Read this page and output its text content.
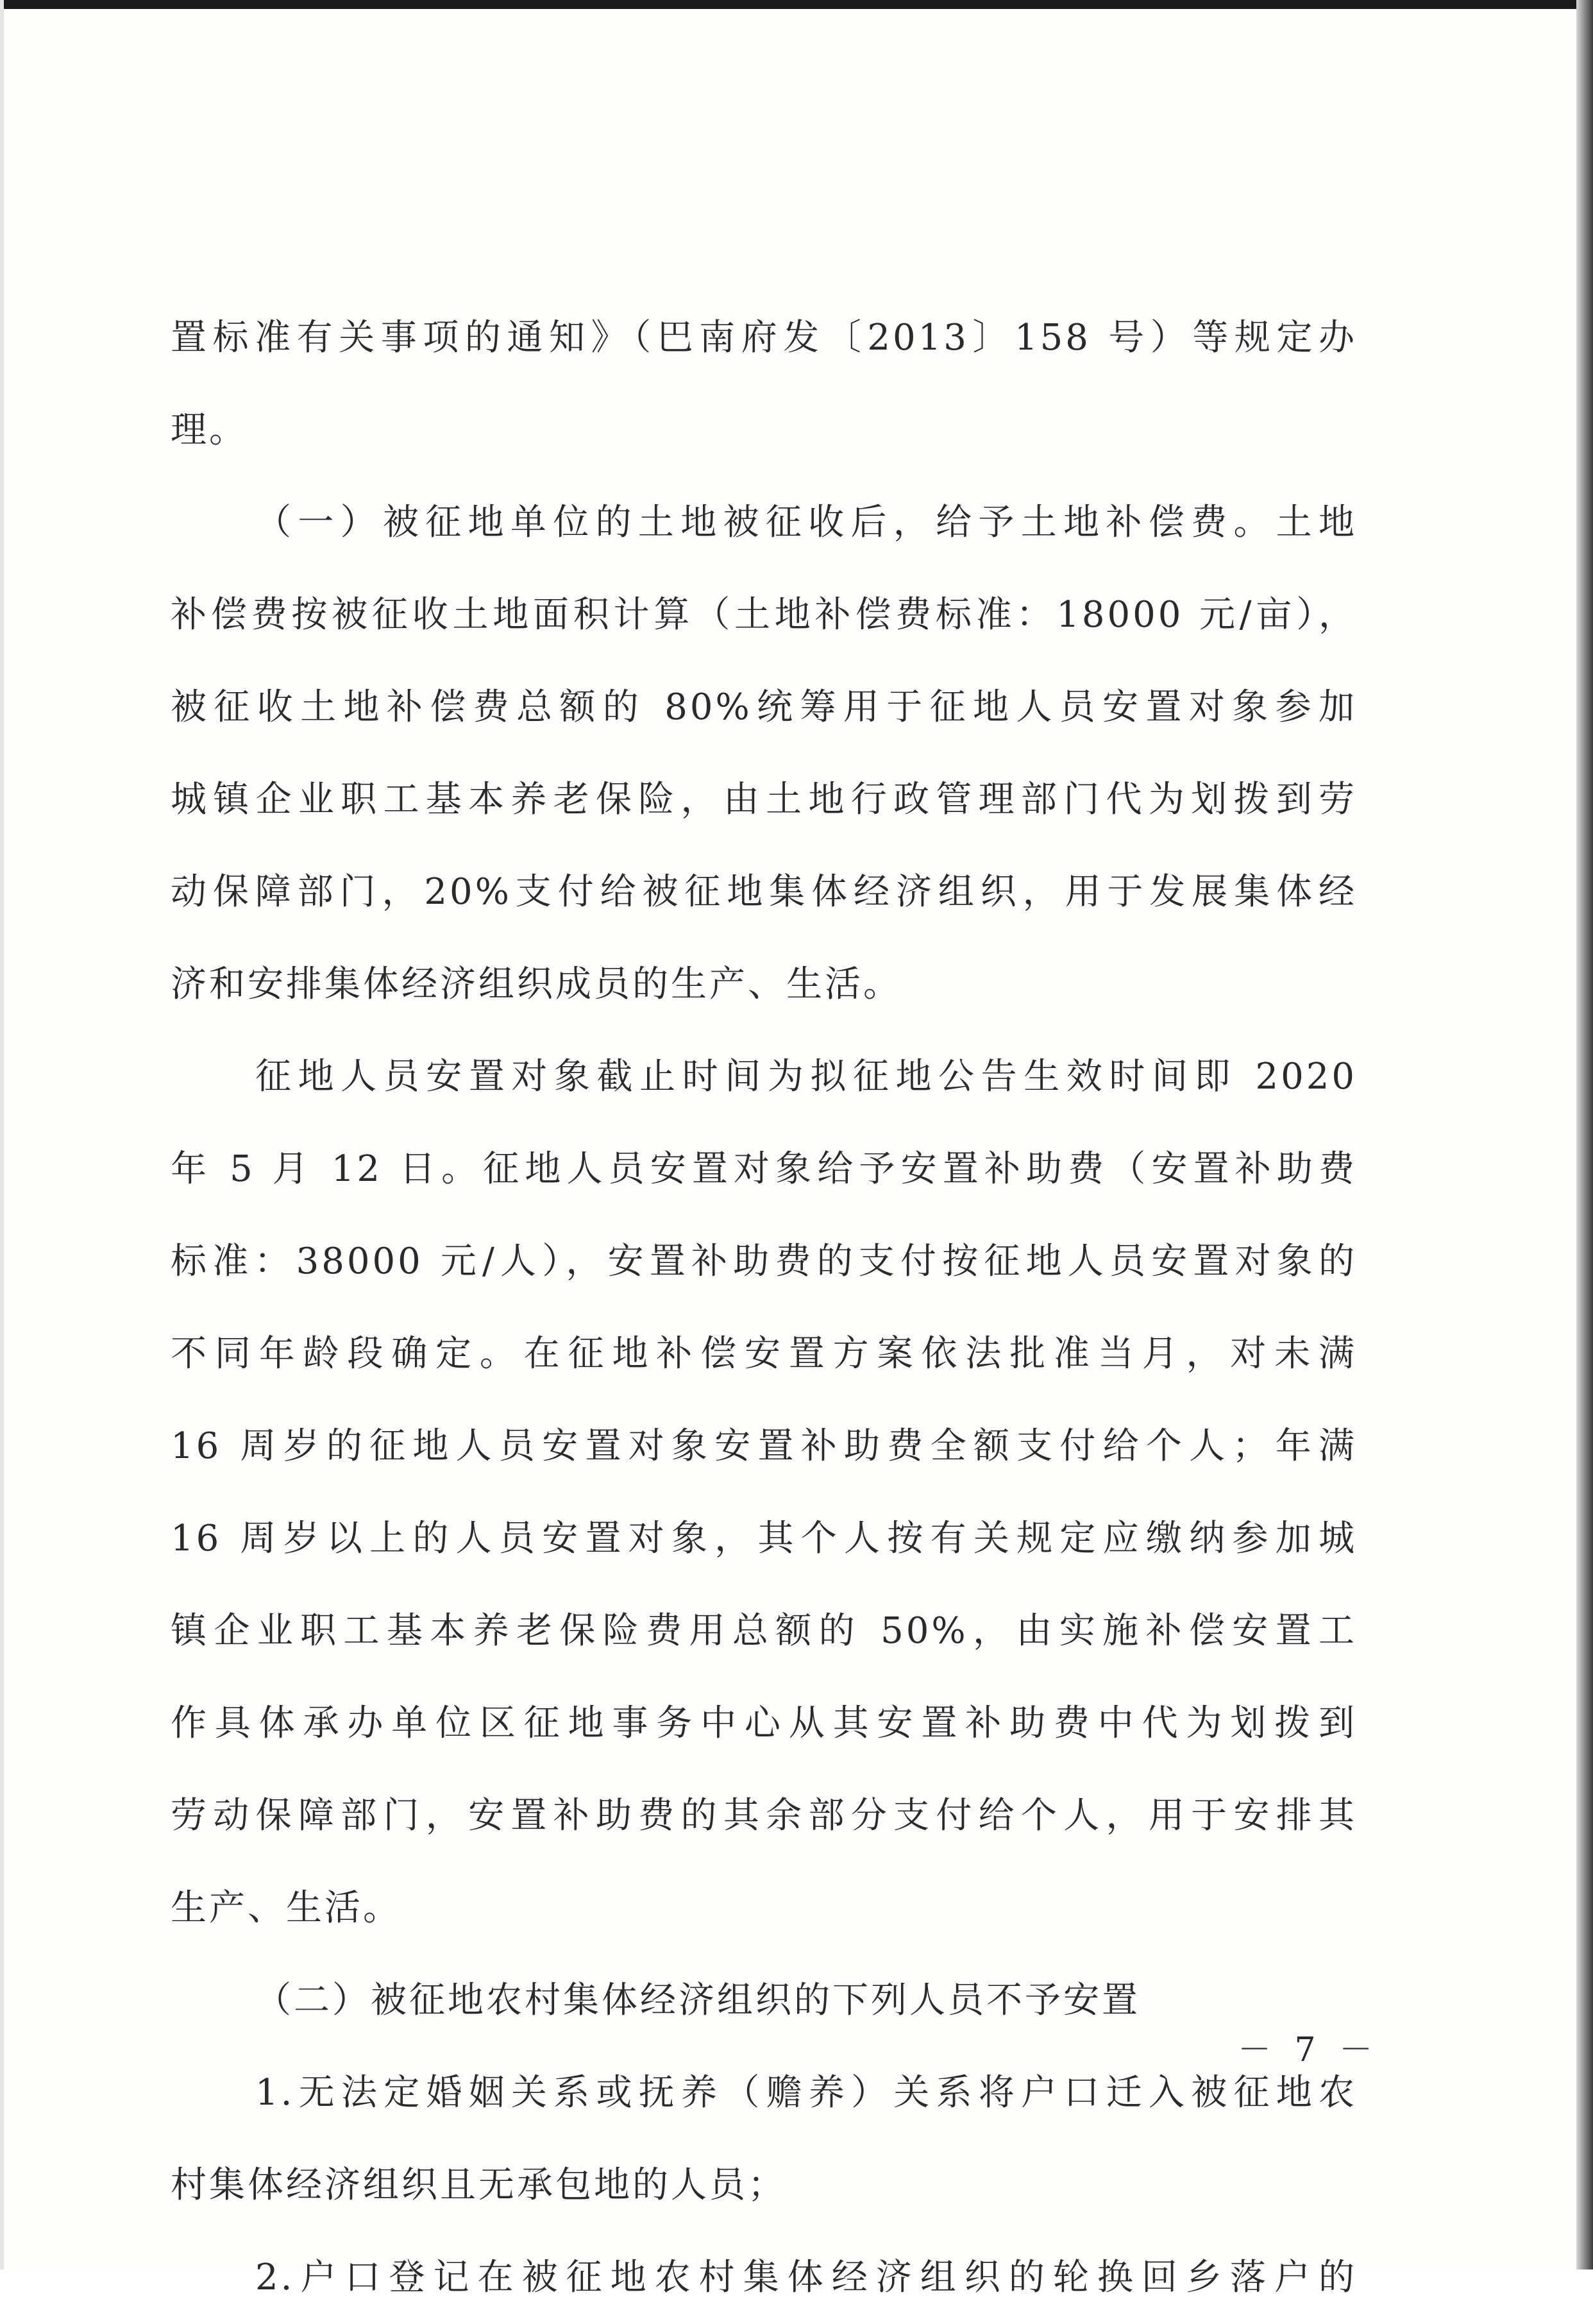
置标准有关事项的通知》（巴南府发〔2013〕158 号）等规定办
理。
（一）被征地单位的土地被征收后，给予土地补偿费。土地
补偿费按被征收土地面积计算（土地补偿费标准：18000 元/亩），
被征收土地补偿费总额的 80%统筹用于征地人员安置对象参加
城镇企业职工基本养老保险，由土地行政管理部门代为划拨到劳
动保障部门，20%支付给被征地集体经济组织，用于发展集体经
济和安排集体经济组织成员的生产、生活。
征地人员安置对象截止时间为拟征地公告生效时间即 2020
年 5 月 12 日。征地人员安置对象给予安置补助费（安置补助费
标准：38000 元/人），安置补助费的支付按征地人员安置对象的
不同年龄段确定。在征地补偿安置方案依法批准当月，对未满
16 周岁的征地人员安置对象安置补助费全额支付给个人；年满
16 周岁以上的人员安置对象，其个人按有关规定应缴纳参加城
镇企业职工基本养老保险费用总额的 50%，由实施补偿安置工
作具体承办单位区征地事务中心从其安置补助费中代为划拨到
劳动保障部门，安置补助费的其余部分支付给个人，用于安排其
生产、生活。
（二）被征地农村集体经济组织的下列人员不予安置
1.无法定婚姻关系或抚养（赡养）关系将户口迁入被征地农
村集体经济组织且无承包地的人员；
2.户口登记在被征地农村集体经济组织的轮换回乡落户的
－ 7 －
